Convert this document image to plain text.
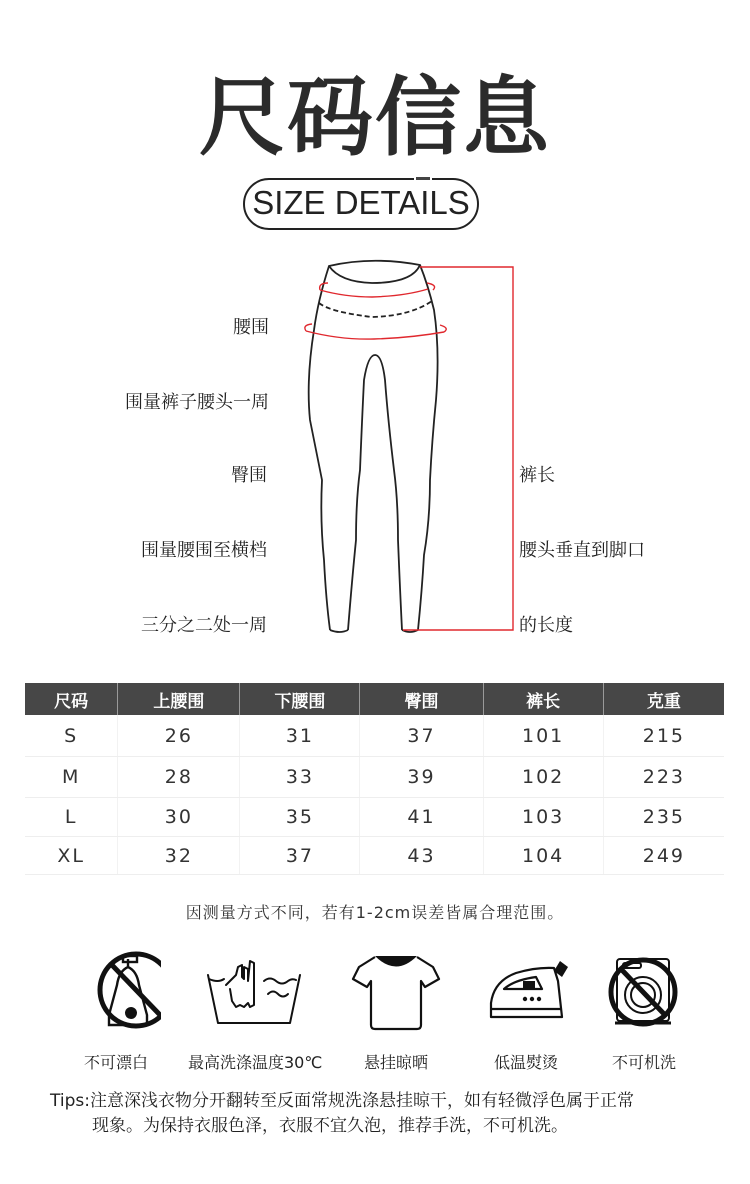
尺码信息
SIZE DETAILS

腰围

围量裤子腰头一周

臀围

围量腰围至横档

三分之二处一周

裤长

腰头垂直到脚口

的长度

尺码	上腰围	下腰围	臀围	裤长	克重
S	26	31	37	101	215
M	28	33	39	102	223
L	30	35	41	103	235
XL	32	37	43	104	249
因测量方式不同，若有1-2cm误差皆属合理范围。
不可漂白	最高洗涤温度30℃	悬挂晾晒	低温熨烫	不可机洗
Tips:注意深浅衣物分开翻转至反面常规洗涤悬挂晾干，如有轻微浮色属于正常
现象。为保持衣服色泽，衣服不宜久泡，推荐手洗，不可机洗。
